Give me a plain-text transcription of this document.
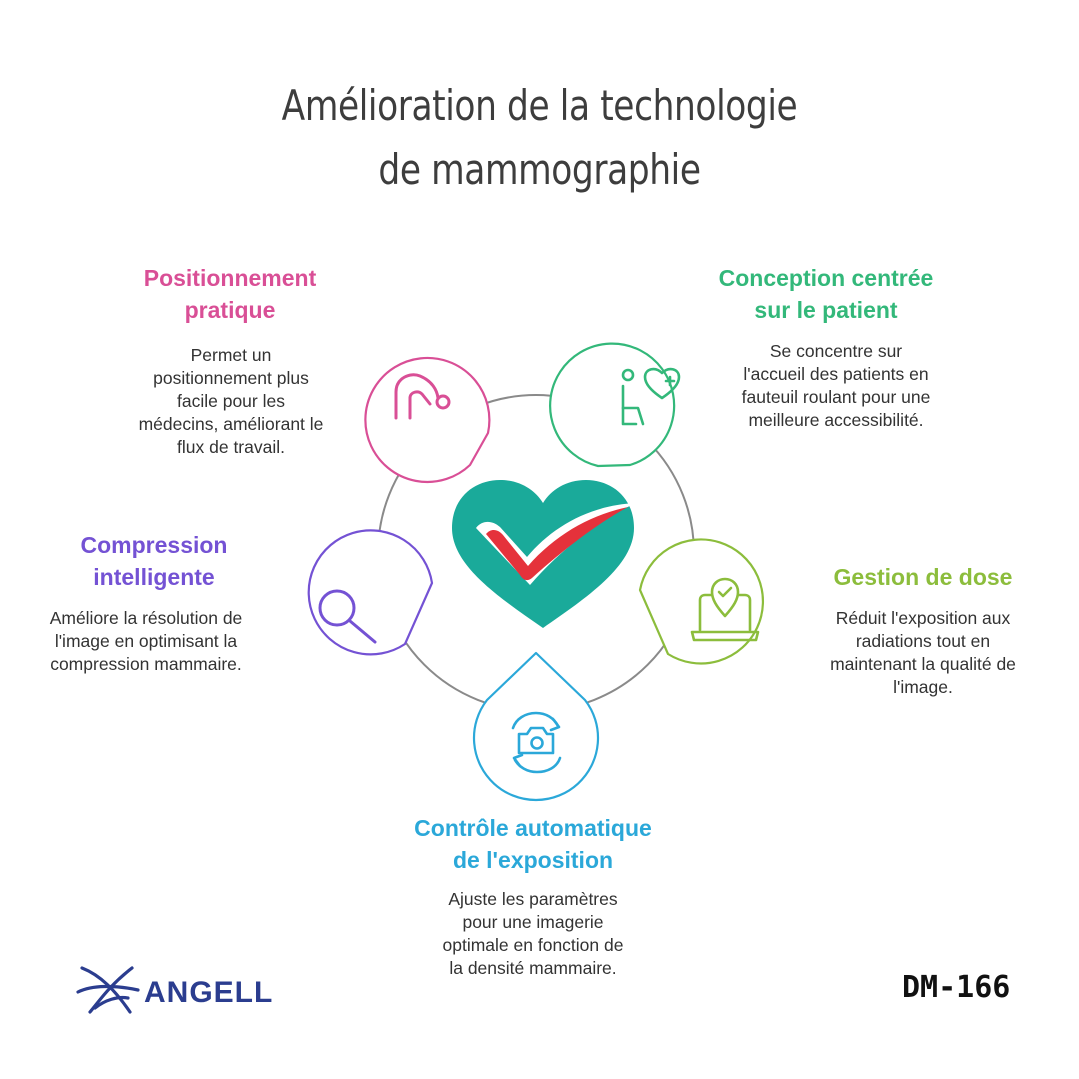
Amélioration de la technologie
de mammographie
Positionnement
pratique
Permet un
positionnement plus
facile pour les
médecins, améliorant le
flux de travail.
Conception centrée
sur le patient
Se concentre sur
l'accueil des patients en
fauteuil roulant pour une
meilleure accessibilité.
Compression
intelligente
Améliore la résolution de
l'image en optimisant la
compression mammaire.
Gestion de dose
Réduit l'exposition aux
radiations tout en
maintenant la qualité de
l'image.
Contrôle automatique
de l'exposition
Ajuste les paramètres
pour une imagerie
optimale en fonction de
la densité mammaire.
ANGELL	DM-166
